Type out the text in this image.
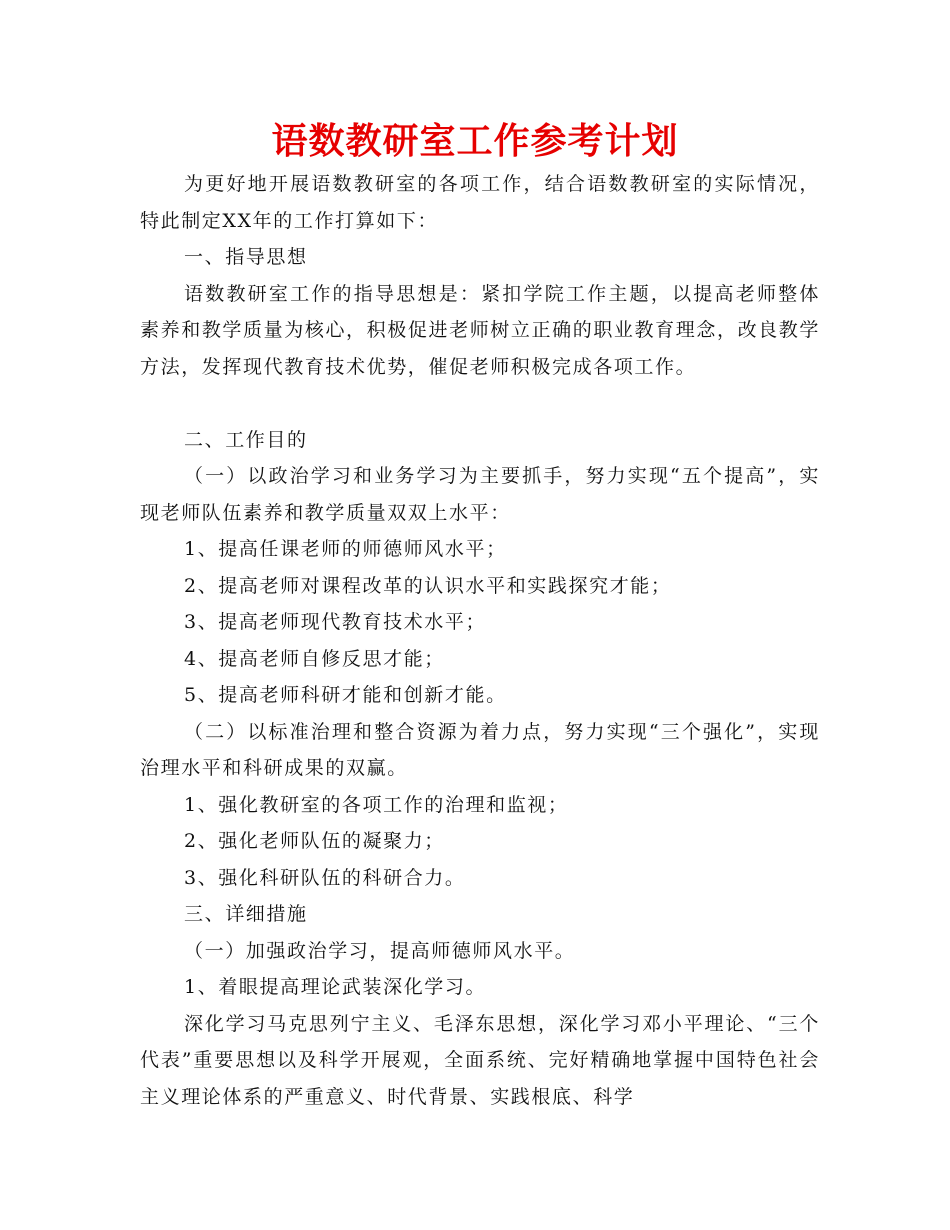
语数教研室工作参考计划

为更好地开展语数教研室的各项工作，结合语数教研室的实际情况，特此制定XX年的工作打算如下：

一、指导思想

语数教研室工作的指导思想是：紧扣学院工作主题，以提高老师整体素养和教学质量为核心，积极促进老师树立正确的职业教育理念，改良教学方法，发挥现代教育技术优势，催促老师积极完成各项工作。

二、工作目的

（一）以政治学习和业务学习为主要抓手，努力实现“五个提高”，实现老师队伍素养和教学质量双双上水平：

1、提高任课老师的师德师风水平；

2、提高老师对课程改革的认识水平和实践探究才能；

3、提高老师现代教育技术水平；

4、提高老师自修反思才能；

5、提高老师科研才能和创新才能。

（二）以标准治理和整合资源为着力点，努力实现“三个强化”，实现治理水平和科研成果的双赢。

1、强化教研室的各项工作的治理和监视；

2、强化老师队伍的凝聚力；

3、强化科研队伍的科研合力。

三、详细措施

（一）加强政治学习，提高师德师风水平。

1、着眼提高理论武装深化学习。

深化学习马克思列宁主义、毛泽东思想，深化学习邓小平理论、“三个代表”重要思想以及科学开展观，全面系统、完好精确地掌握中国特色社会主义理论体系的严重意义、时代背景、实践根底、科学
